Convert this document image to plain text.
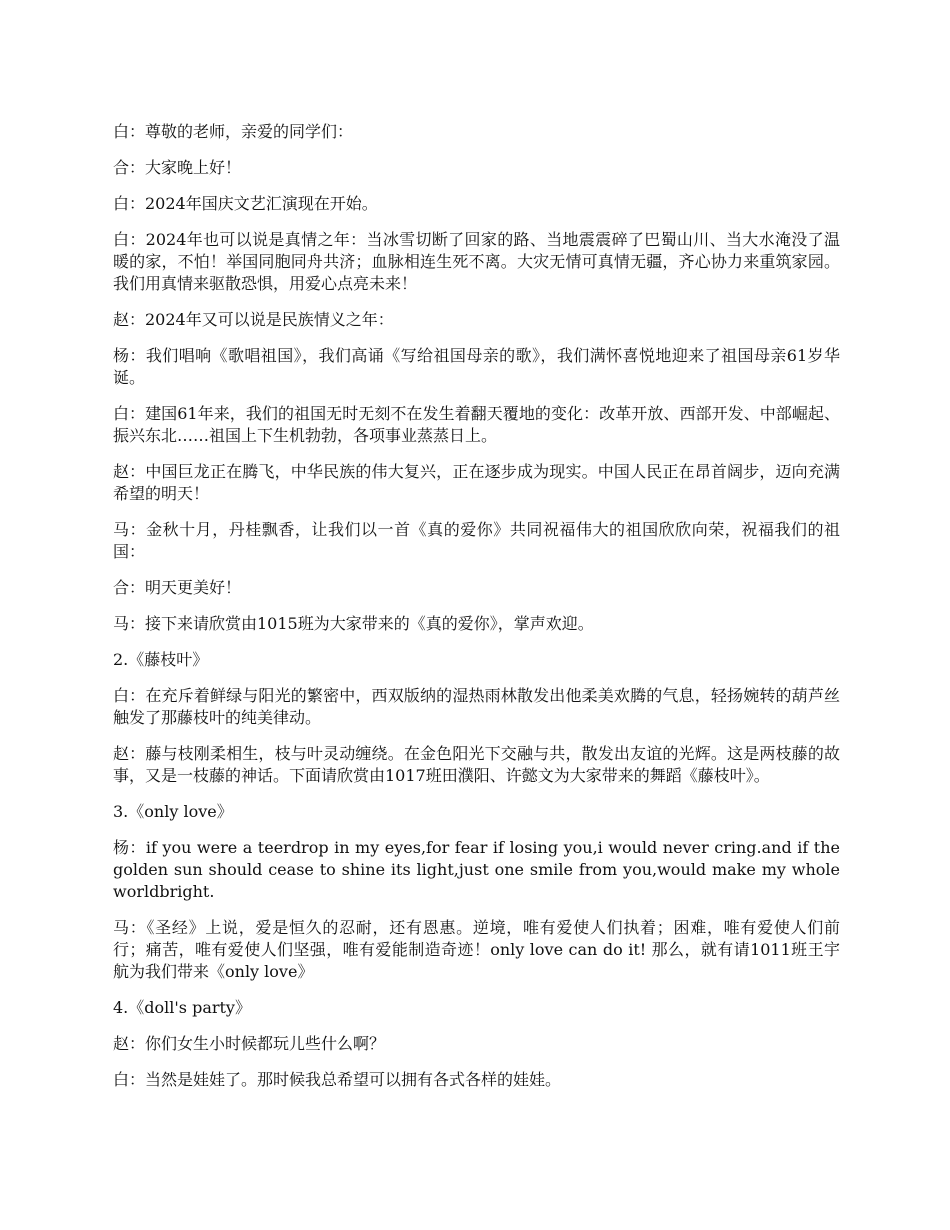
白：尊敬的老师，亲爱的同学们：

合：大家晚上好！

白：2024年国庆文艺汇演现在开始。

白：2024年也可以说是真情之年：当冰雪切断了回家的路、当地震震碎了巴蜀山川、当大水淹没了温暖的家，不怕！举国同胞同舟共济；血脉相连生死不离。大灾无情可真情无疆，齐心协力来重筑家园。我们用真情来驱散恐惧，用爱心点亮未来！

赵：2024年又可以说是民族情义之年：

杨：我们唱响《歌唱祖国》，我们高诵《写给祖国母亲的歌》，我们满怀喜悦地迎来了祖国母亲61岁华诞。

白：建国61年来，我们的祖国无时无刻不在发生着翻天覆地的变化：改革开放、西部开发、中部崛起、振兴东北……祖国上下生机勃勃，各项事业蒸蒸日上。

赵：中国巨龙正在腾飞，中华民族的伟大复兴，正在逐步成为现实。中国人民正在昂首阔步，迈向充满希望的明天！

马：金秋十月，丹桂飘香，让我们以一首《真的爱你》共同祝福伟大的祖国欣欣向荣，祝福我们的祖国：

合：明天更美好！

马：接下来请欣赏由1015班为大家带来的《真的爱你》，掌声欢迎。

2.《藤枝叶》

白：在充斥着鲜绿与阳光的繁密中，西双版纳的湿热雨林散发出他柔美欢腾的气息，轻扬婉转的葫芦丝触发了那藤枝叶的纯美律动。

赵：藤与枝刚柔相生，枝与叶灵动缠绕。在金色阳光下交融与共，散发出友谊的光辉。这是两枝藤的故事，又是一枝藤的神话。下面请欣赏由1017班田濮阳、许懿文为大家带来的舞蹈《藤枝叶》。

3.《only love》

杨：if you were a teerdrop in my eyes,for fear if losing you,i would never cring.and if the golden sun should cease to shine its light,just one smile from you,would make my whole worldbright.

马：《圣经》上说，爱是恒久的忍耐，还有恩惠。逆境，唯有爱使人们执着；困难，唯有爱使人们前行；痛苦，唯有爱使人们坚强，唯有爱能制造奇迹！only love can do it! 那么，就有请1011班王宇航为我们带来《only love》

4.《doll's party》

赵：你们女生小时候都玩儿些什么啊？

白：当然是娃娃了。那时候我总希望可以拥有各式各样的娃娃。
